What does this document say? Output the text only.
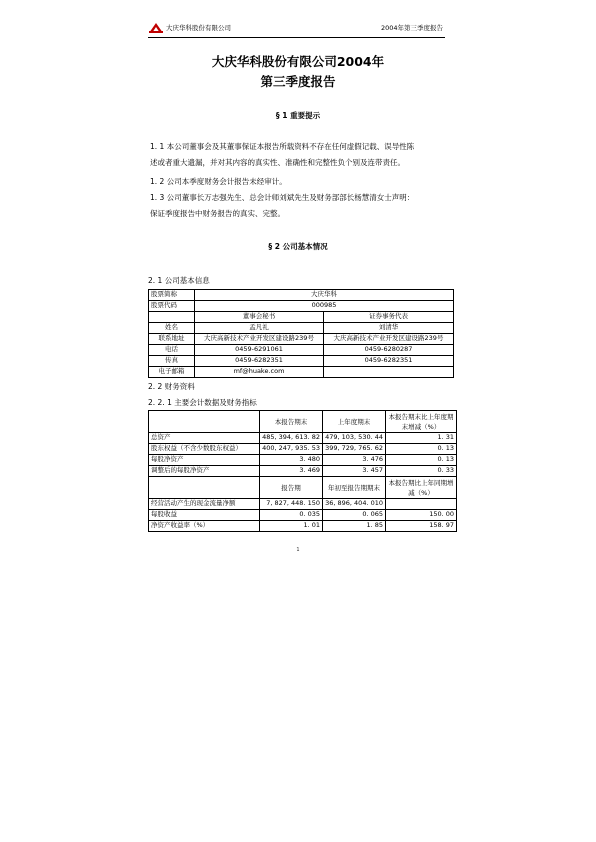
大庆华科股份有限公司	2004年第三季度报告
大庆华科股份有限公司2004年
第三季度报告
§ 1 重要提示
1. 1 本公司董事会及其董事保证本报告所载资料不存在任何虚假记载、误导性陈
述或者重大遗漏，并对其内容的真实性、准确性和完整性负个别及连带责任。
1. 2 公司本季度财务会计报告未经审计。
1. 3 公司董事长万志强先生、总会计师刘斌先生及财务部部长杨慧清女士声明：
保证季度报告中财务报告的真实、完整。
§ 2 公司基本情况
2. 1 公司基本信息
股票简称	大庆华科	
股票代码	000985	
	董事会秘书	证券事务代表
姓名	孟凡礼	刘清华
联系地址	大庆高新技术产业开发区建设路239号	大庆高新技术产业开发区建设路239号
电话	0459-6291061	0459-6280287
传真	0459-6282351	0459-6282351
电子邮箱	mf@huake.com	
2. 2 财务资料
2. 2. 1 主要会计数据及财务指标
	本报告期末	上年度期末	本报告期末比上年度期末增减（%）
总资产	485, 394, 613. 82	479, 103, 530. 44	1. 31
股东权益（不含少数股东权益）	400, 247, 935. 53	399, 729, 765. 62	0. 13
每股净资产	3. 480	3. 476	0. 13
调整后的每股净资产	3. 469	3. 457	0. 33
	报告期	年初至报告期期末	本报告期比上年同期增减（%）
经营活动产生的现金流量净额	7, 827, 448. 150	36, 896, 404. 010	
每股收益	0. 035	0. 065	150. 00
净资产收益率（%）	1. 01	1. 85	158. 97
1
